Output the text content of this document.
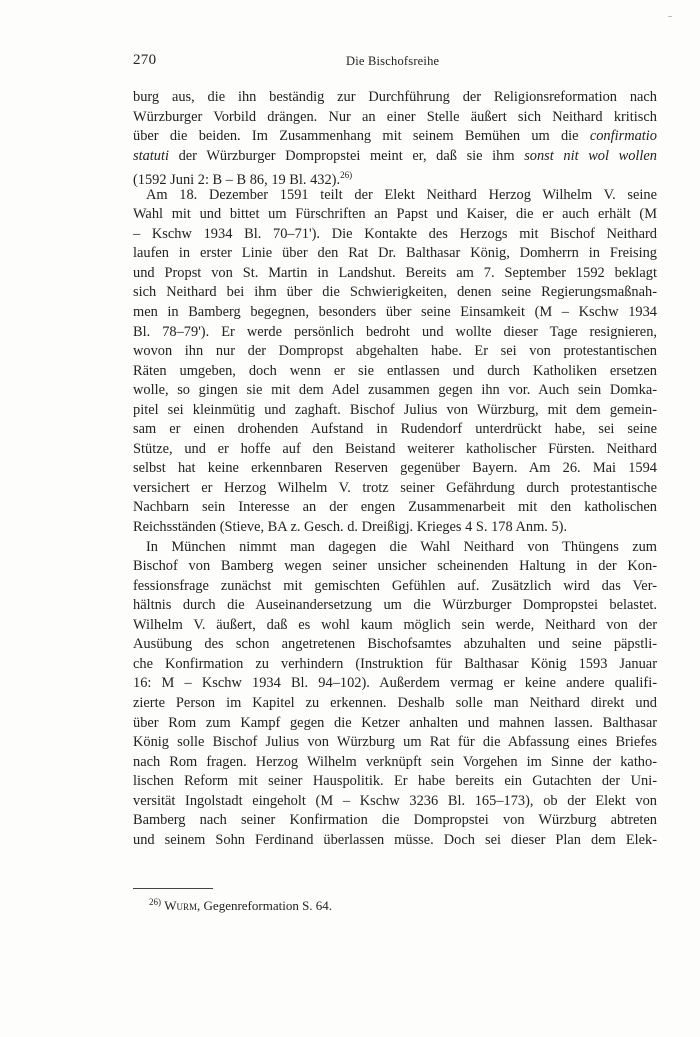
270	Die Bischofsreihe
burg aus, die ihn beständig zur Durchführung der Religionsreformation nach
Würzburger Vorbild drängen. Nur an einer Stelle äußert sich Neithard kritisch
über die beiden. Im Zusammenhang mit seinem Bemühen um die confirmatio
statuti der Würzburger Dompropstei meint er, daß sie ihm sonst nit wol wollen
(1592 Juni 2: B – B 86, 19 Bl. 432).$^{26)}$
Am 18. Dezember 1591 teilt der Elekt Neithard Herzog Wilhelm V. seine
Wahl mit und bittet um Fürschriften an Papst und Kaiser, die er auch erhält (M
– Kschw 1934 Bl. 70–71'). Die Kontakte des Herzogs mit Bischof Neithard
laufen in erster Linie über den Rat Dr. Balthasar König, Domherrn in Freising
und Propst von St. Martin in Landshut. Bereits am 7. September 1592 beklagt
sich Neithard bei ihm über die Schwierigkeiten, denen seine Regierungsmaßnah-
men in Bamberg begegnen, besonders über seine Einsamkeit (M – Kschw 1934
Bl. 78–79'). Er werde persönlich bedroht und wollte dieser Tage resignieren,
wovon ihn nur der Dompropst abgehalten habe. Er sei von protestantischen
Räten umgeben, doch wenn er sie entlassen und durch Katholiken ersetzen
wolle, so gingen sie mit dem Adel zusammen gegen ihn vor. Auch sein Domka-
pitel sei kleinmütig und zaghaft. Bischof Julius von Würzburg, mit dem gemein-
sam er einen drohenden Aufstand in Rudendorf unterdrückt habe, sei seine
Stütze, und er hoffe auf den Beistand weiterer katholischer Fürsten. Neithard
selbst hat keine erkennbaren Reserven gegenüber Bayern. Am 26. Mai 1594
versichert er Herzog Wilhelm V. trotz seiner Gefährdung durch protestantische
Nachbarn sein Interesse an der engen Zusammenarbeit mit den katholischen
Reichsständen (Stieve, BA z. Gesch. d. Dreißigj. Krieges 4 S. 178 Anm. 5).
In München nimmt man dagegen die Wahl Neithard von Thüngens zum
Bischof von Bamberg wegen seiner unsicher scheinenden Haltung in der Kon-
fessionsfrage zunächst mit gemischten Gefühlen auf. Zusätzlich wird das Ver-
hältnis durch die Auseinandersetzung um die Würzburger Dompropstei belastet.
Wilhelm V. äußert, daß es wohl kaum möglich sein werde, Neithard von der
Ausübung des schon angetretenen Bischofsamtes abzuhalten und seine päpstli-
che Konfirmation zu verhindern (Instruktion für Balthasar König 1593 Januar
16: M – Kschw 1934 Bl. 94–102). Außerdem vermag er keine andere qualifi-
zierte Person im Kapitel zu erkennen. Deshalb solle man Neithard direkt und
über Rom zum Kampf gegen die Ketzer anhalten und mahnen lassen. Balthasar
König solle Bischof Julius von Würzburg um Rat für die Abfassung eines Briefes
nach Rom fragen. Herzog Wilhelm verknüpft sein Vorgehen im Sinne der katho-
lischen Reform mit seiner Hauspolitik. Er habe bereits ein Gutachten der Uni-
versität Ingolstadt eingeholt (M – Kschw 3236 Bl. 165–173), ob der Elekt von
Bamberg nach seiner Konfirmation die Dompropstei von Würzburg abtreten
und seinem Sohn Ferdinand überlassen müsse. Doch sei dieser Plan dem Elek-
$^{26)}$ Wurm, Gegenreformation S. 64.
